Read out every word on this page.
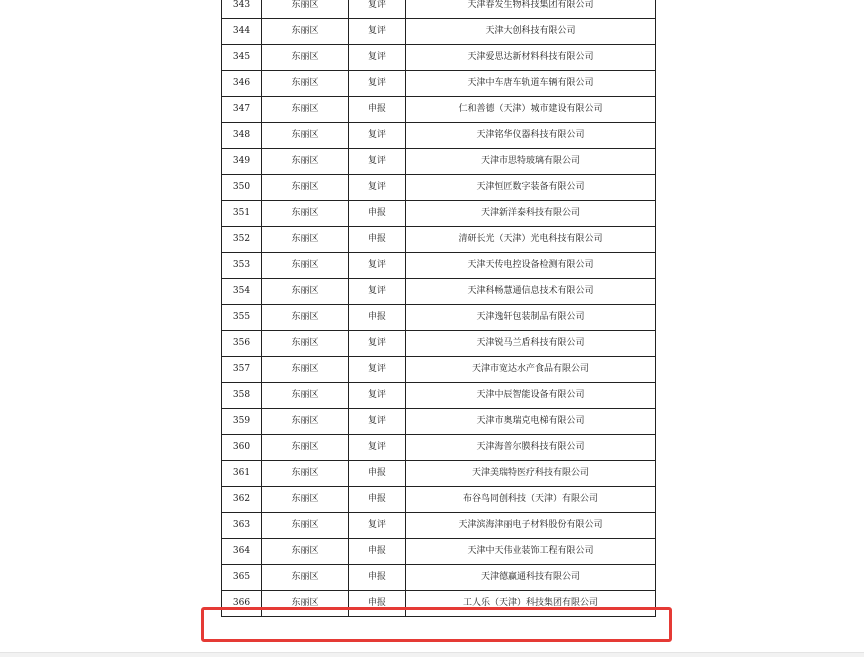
343	东丽区	复评	天津春发生物科技集团有限公司
344	东丽区	复评	天津大创科技有限公司
345	东丽区	复评	天津爱思达新材料科技有限公司
346	东丽区	复评	天津中车唐车轨道车辆有限公司
347	东丽区	申报	仁和善德（天津）城市建设有限公司
348	东丽区	复评	天津铭华仪器科技有限公司
349	东丽区	复评	天津市思特玻璃有限公司
350	东丽区	复评	天津恒匠数字装备有限公司
351	东丽区	申报	天津新洋泰科技有限公司
352	东丽区	申报	清研长光（天津）光电科技有限公司
353	东丽区	复评	天津天传电控设备检测有限公司
354	东丽区	复评	天津科畅慧通信息技术有限公司
355	东丽区	申报	天津逸轩包装制品有限公司
356	东丽区	复评	天津锐马兰盾科技有限公司
357	东丽区	复评	天津市宽达水产食品有限公司
358	东丽区	复评	天津中辰智能设备有限公司
359	东丽区	复评	天津市奥瑞克电梯有限公司
360	东丽区	复评	天津海普尔膜科技有限公司
361	东丽区	申报	天津美瑞特医疗科技有限公司
362	东丽区	申报	布谷鸟同创科技（天津）有限公司
363	东丽区	复评	天津滨海津丽电子材料股份有限公司
364	东丽区	申报	天津中天伟业装饰工程有限公司
365	东丽区	申报	天津德赢通科技有限公司
366	东丽区	申报	工人乐（天津）科技集团有限公司
